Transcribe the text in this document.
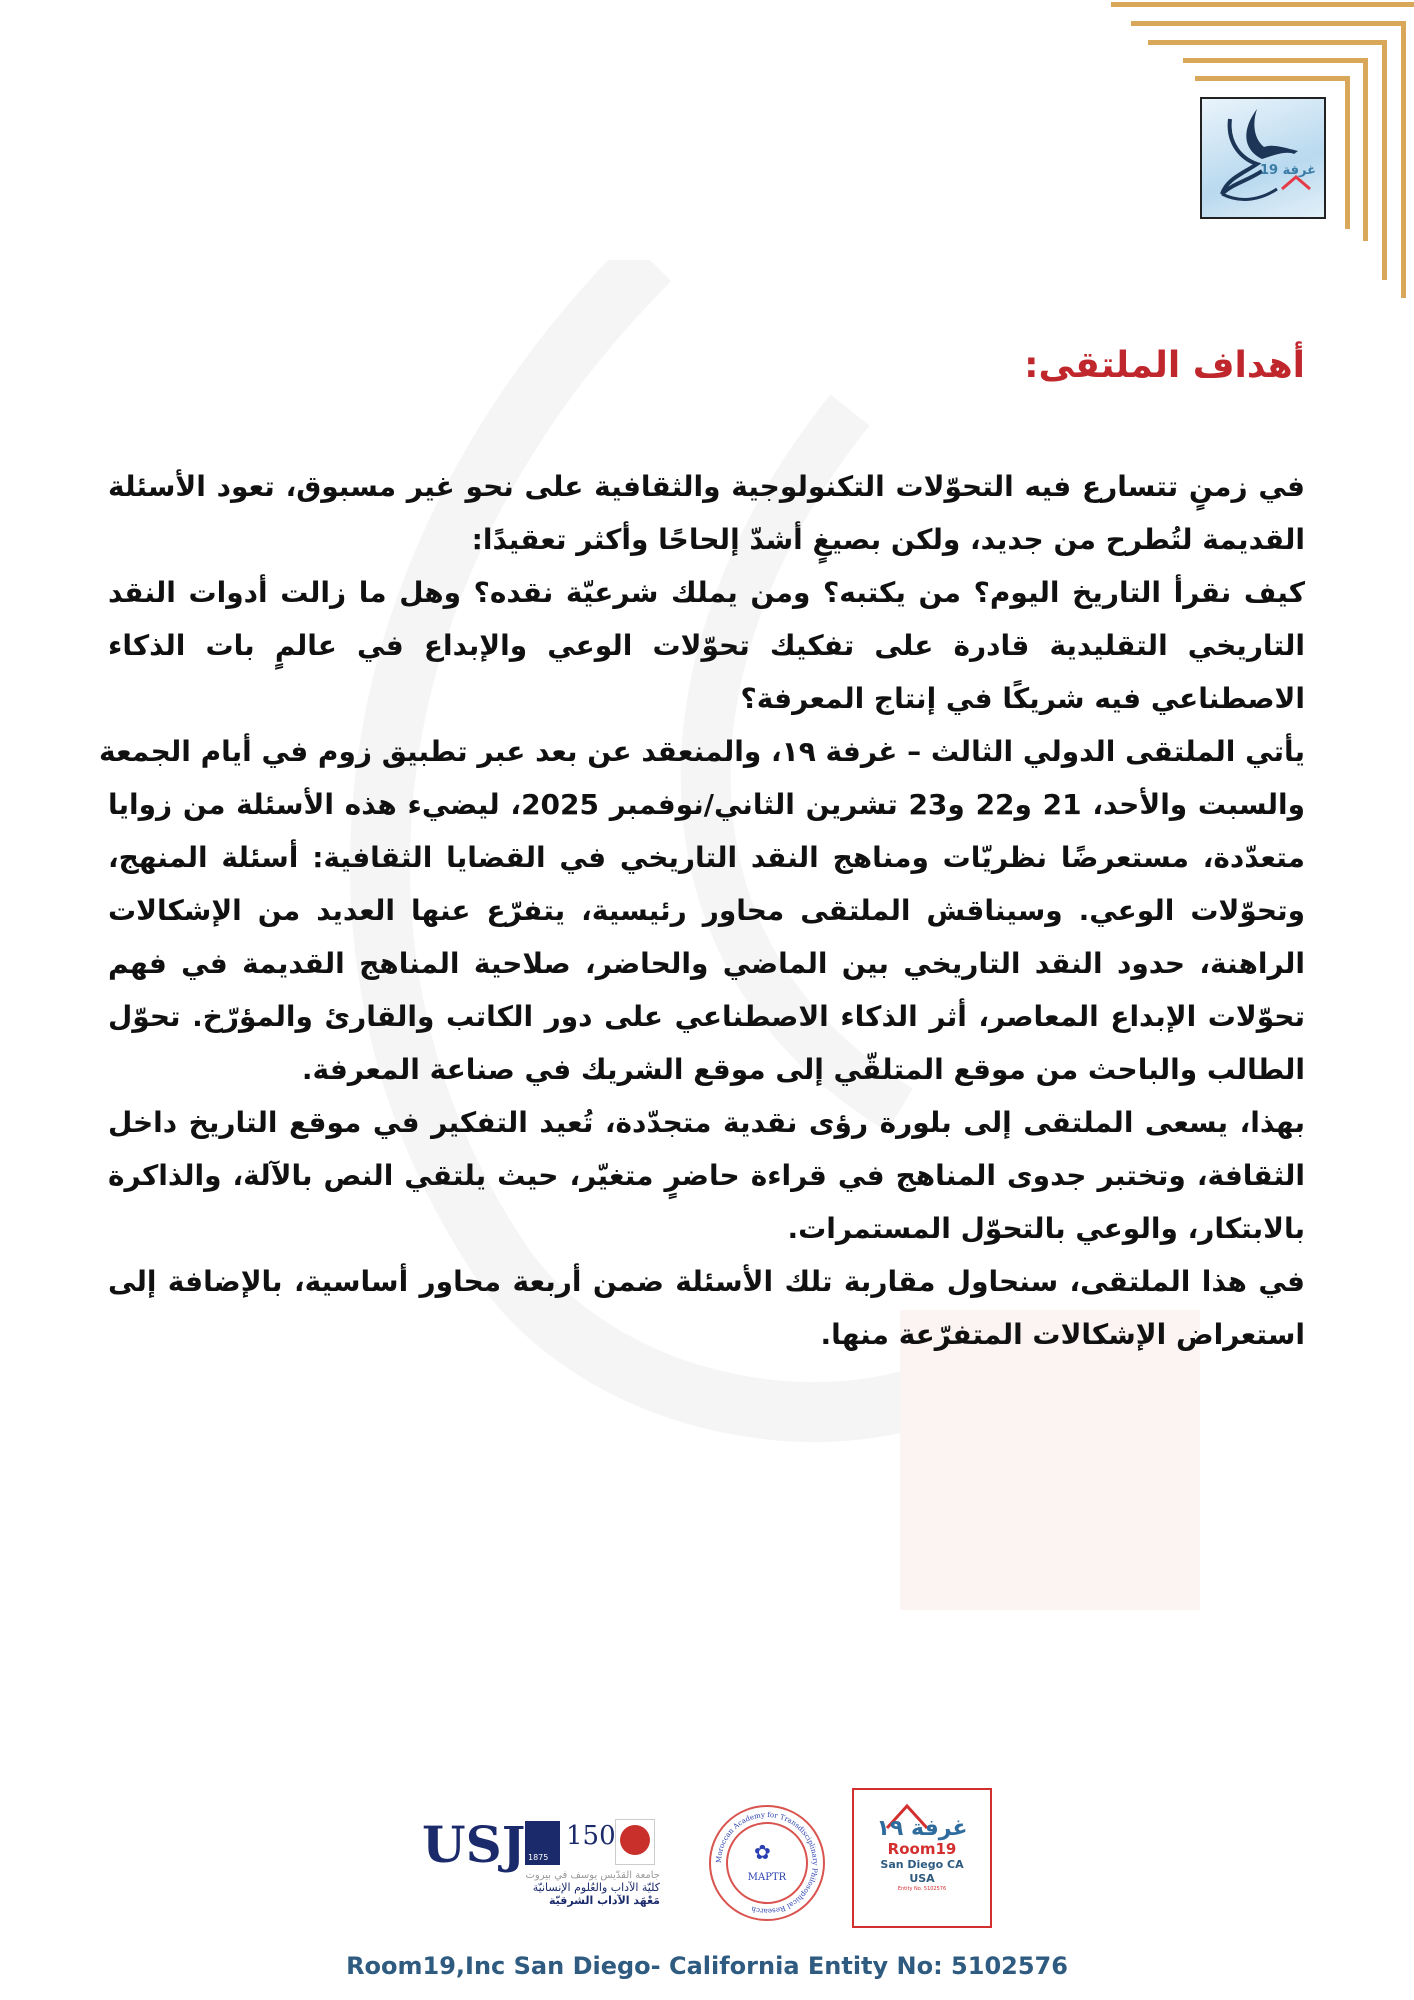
غرفة 19
أهداف الملتقى:
في زمنٍ تتسارع فيه التحوّلات التكنولوجية والثقافية على نحو غير مسبوق، تعود الأسئلة
القديمة لتُطرح من جديد، ولكن بصيغٍ أشدّ إلحاحًا وأكثر تعقيدًا:
كيف نقرأ التاريخ اليوم؟ من يكتبه؟ ومن يملك شرعيّة نقده؟ وهل ما زالت أدوات النقد
التاريخي التقليدية قادرة على تفكيك تحوّلات الوعي والإبداع في عالمٍ بات الذكاء
الاصطناعي فيه شريكًا في إنتاج المعرفة؟
يأتي الملتقى الدولي الثالث – غرفة ١٩، والمنعقد عن بعد عبر تطبيق زوم في أيام الجمعة
والسبت والأحد، 21 و22 و23 تشرين الثاني/نوفمبر 2025، ليضيء هذه الأسئلة من زوايا
متعدّدة، مستعرضًا نظريّات ومناهج النقد التاريخي في القضايا الثقافية: أسئلة المنهج،
وتحوّلات الوعي. وسيناقش الملتقى محاور رئيسية، يتفرّع عنها العديد من الإشكالات
الراهنة، حدود النقد التاريخي بين الماضي والحاضر، صلاحية المناهج القديمة في فهم
تحوّلات الإبداع المعاصر، أثر الذكاء الاصطناعي على دور الكاتب والقارئ والمؤرّخ. تحوّل
الطالب والباحث من موقع المتلقّي إلى موقع الشريك في صناعة المعرفة.
بهذا، يسعى الملتقى إلى بلورة رؤى نقدية متجدّدة، تُعيد التفكير في موقع التاريخ داخل
الثقافة، وتختبر جدوى المناهج في قراءة حاضرٍ متغيّر، حيث يلتقي النص بالآلة، والذاكرة
بالابتكار، والوعي بالتحوّل المستمرات.
في هذا الملتقى، سنحاول مقاربة تلك الأسئلة ضمن أربعة محاور أساسية، بالإضافة إلى
استعراض الإشكالات المتفرّعة منها.
USJ 1875
150
جامعة القدّيس يوسف في بيروت
كليّة الآداب والعُلوم الإنسانيّة
مَعْهَد الآداب الشرقيّة
Moroccan Academy for Transdisciplinary Philosophical Research
✿
MAPTR
غرفة ١٩
Room19
San Diego CA
USA
Entity No. 5102576
Room19,Inc San Diego- California Entity No: 5102576
